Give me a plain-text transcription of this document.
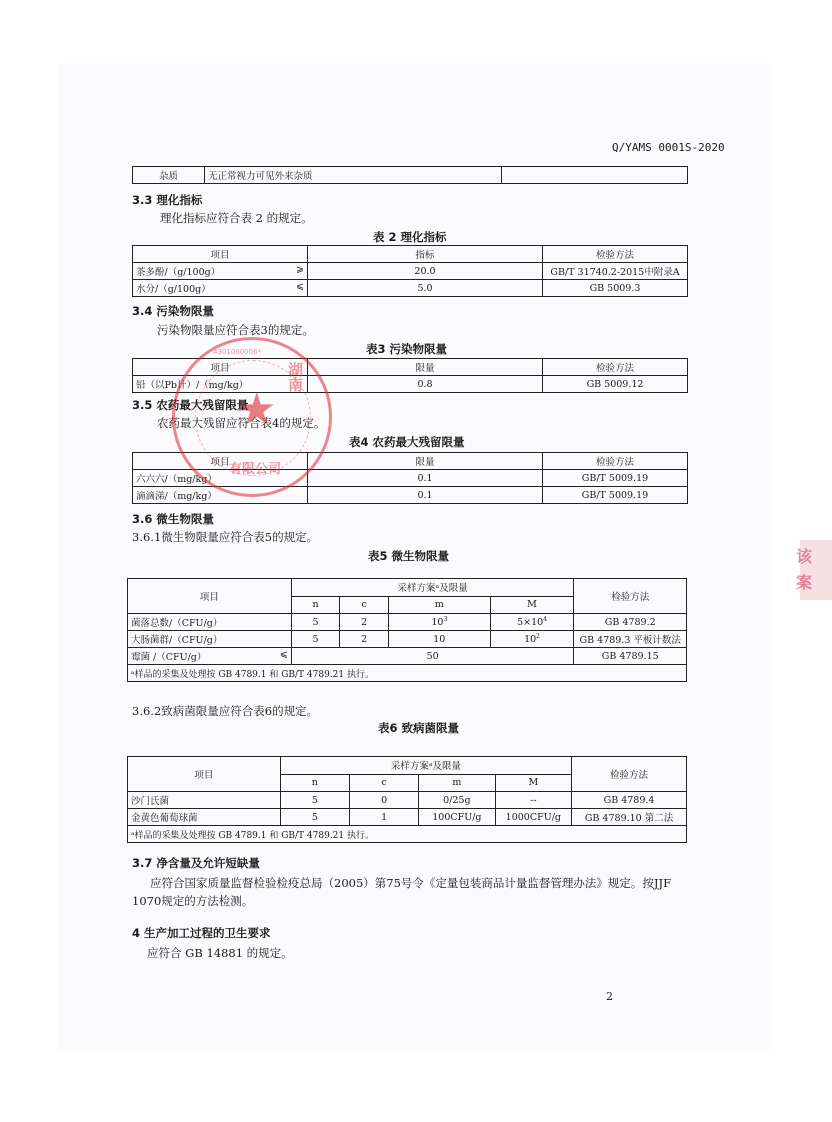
Q/YAMS 0001S-2020
杂质	无正常视力可见外来杂质	
3.3 理化指标
理化指标应符合表 2 的规定。
表 2 理化指标
项目	指标	检验方法
茶多酚/（g/100g） ⩾	20.0	GB/T 31740.2-2015中附录A
水分/（g/100g） ⩽	5.0	GB 5009.3
3.4 污染物限量
污染物限量应符合表3的规定。
表3 污染物限量
项目	限量	检验方法
铅（以Pb计）/（mg/kg）	0.8	GB 5009.12
3.5 农药最大残留限量
农药最大残留应符合表4的规定。
表4 农药最大残留限量
项目	限量	检验方法
六六六/（mg/kg）	0.1	GB/T 5009.19
滴滴涕/（mg/kg）	0.1	GB/T 5009.19
3.6 微生物限量
3.6.1微生物限量应符合表5的规定。
表5 微生物限量
项目	采样方案ᵃ及限量				检验方法
	n	c	m	M	
菌落总数/（CFU/g）	5	2	$10^3$	$5\times 10^4$	GB 4789.2
大肠菌群/（CFU/g）	5	2	10	$10^2$	GB 4789.3 平板计数法
霉菌 /（CFU/g） ⩽	50				GB 4789.15
ᵃ样品的采集及处理按 GB 4789.1 和 GB/T 4789.21 执行。					
3.6.2致病菌限量应符合表6的规定。
表6 致病菌限量
项目	采样方案ᵃ及限量				检验方法
	n	c	m	M	
沙门氏菌	5	0	0/25g	--	GB 4789.4
金黄色葡萄球菌	5	1	100CFU/g	1000CFU/g	GB 4789.10 第二法
ᵃ样品的采集及处理按 GB 4789.1 和 GB/T 4789.21 执行。					
3.7 净含量及允许短缺量
应符合国家质量监督检验检疫总局（2005）第75号令《定量包装商品计量监督管理办法》规定。按JJF
1070规定的方法检测。
4 生产加工过程的卫生要求
应符合 GB 14881 的规定。
2
★
湖南
有限公司
4301000006*
该
案
